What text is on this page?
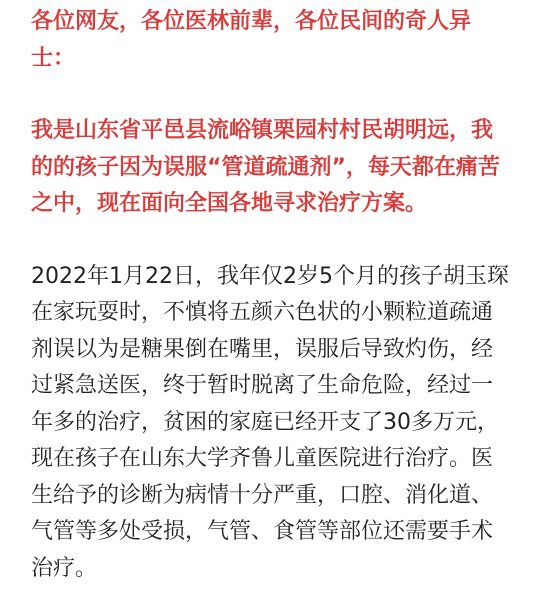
各位网友，各位医林前辈，各位民间的奇人异
士：

我是山东省平邑县流峪镇栗园村村民胡明远，我
的的孩子因为误服“管道疏通剂”，每天都在痛苦
之中，现在面向全国各地寻求治疗方案。

2022年1月22日，我年仅2岁5个月的孩子胡玉琛
在家玩耍时，不慎将五颜六色状的小颗粒道疏通
剂误以为是糖果倒在嘴里，误服后导致灼伤，经
过紧急送医，终于暂时脱离了生命危险，经过一
年多的治疗，贫困的家庭已经开支了30多万元，
现在孩子在山东大学齐鲁儿童医院进行治疗。医
生给予的诊断为病情十分严重，口腔、消化道、
气管等多处受损，气管、食管等部位还需要手术
治疗。
